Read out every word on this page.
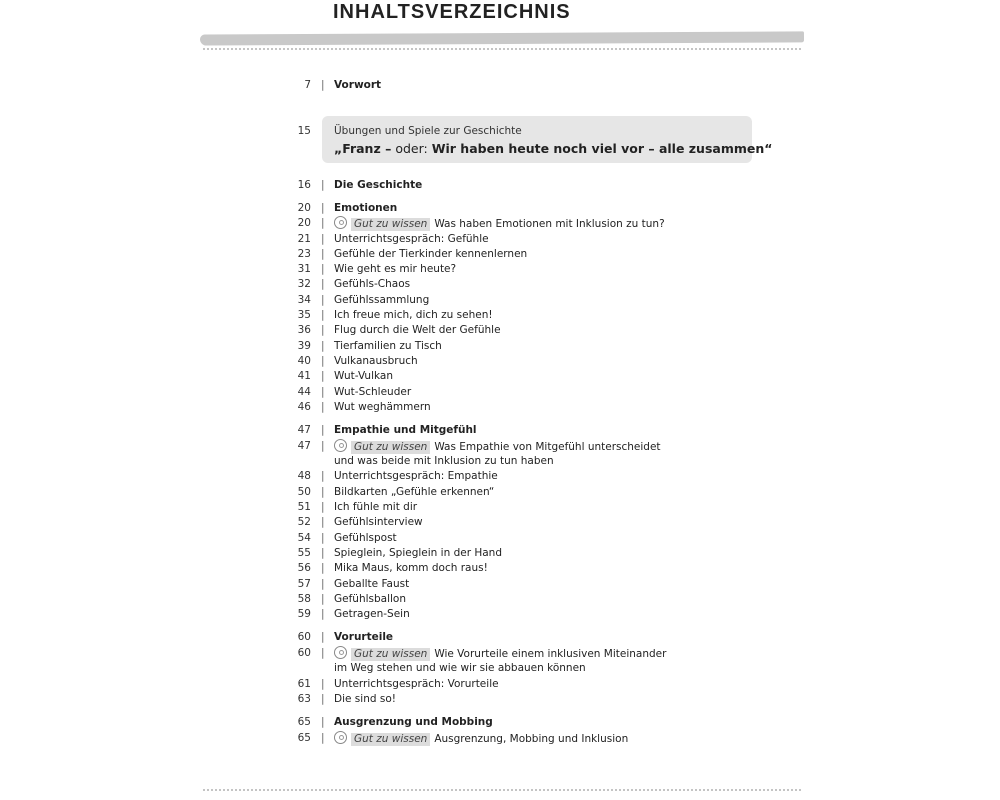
INHALTSVERZEICHNIS
7 | Vorwort
15 Übungen und Spiele zur Geschichte
„Franz – oder: Wir haben heute noch viel vor – alle zusammen“
16 | Die Geschichte
20 | Emotionen
20 |	Gut zu wissen Was haben Emotionen mit Inklusion zu tun?
21 | Unterrichtsgespräch: Gefühle
23 | Gefühle der Tierkinder kennenlernen
31 | Wie geht es mir heute?
32 | Gefühls-Chaos
34 | Gefühlssammlung
35 | Ich freue mich, dich zu sehen!
36 | Flug durch die Welt der Gefühle
39 | Tierfamilien zu Tisch
40 | Vulkanausbruch
41 | Wut-Vulkan
44 | Wut-Schleuder
46 | Wut weghämmern
47 | Empathie und Mitgefühl
47 |	Gut zu wissen Was Empathie von Mitgefühl unterscheidet
und was beide mit Inklusion zu tun haben
48 | Unterrichtsgespräch: Empathie
50 | Bildkarten „Gefühle erkennen“
51 | Ich fühle mit dir
52 | Gefühlsinterview
54 | Gefühlspost
55 | Spieglein, Spieglein in der Hand
56 | Mika Maus, komm doch raus!
57 | Geballte Faust
58 | Gefühlsballon
59 | Getragen-Sein
60 | Vorurteile
60 |	Gut zu wissen Wie Vorurteile einem inklusiven Miteinander
im Weg stehen und wie wir sie abbauen können
61 | Unterrichtsgespräch: Vorurteile
63 | Die sind so!
65 | Ausgrenzung und Mobbing
65 |	Gut zu wissen Ausgrenzung, Mobbing und Inklusion
